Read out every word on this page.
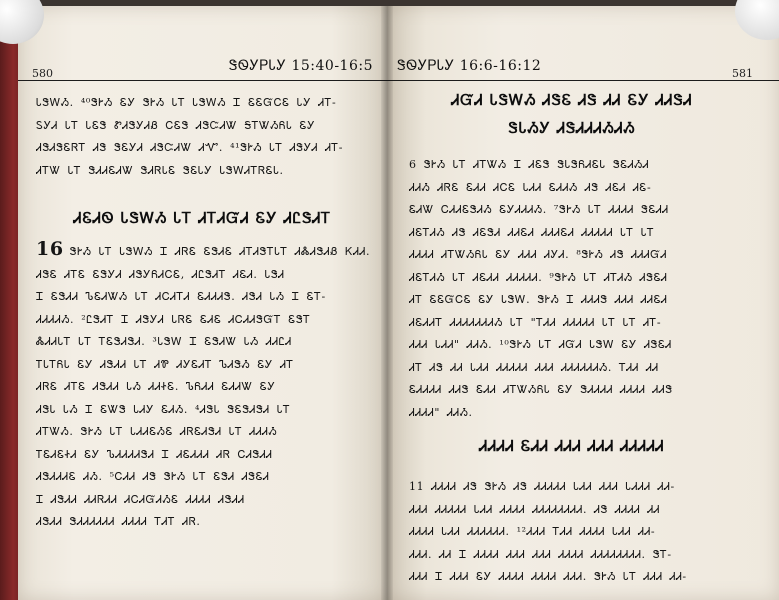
580	ᏕᏫᎩᏢᏓᎩ 15:40-16:5

ᏓᏕᎳᏱ. ⁴⁰ᏕᎨᏱ ᏋᎩ ᏕᎨᏱ ᏓᎢ ᏓᏕᎳᏱ Ꮖ ᏋᏋᏳᏟᏋ ᏓᎩ ᏗᎢ-

ᏚᎩᏗ ᏓᎢ ᏓᏋᏕ ᏑᏗᏕᎩᏗᏰ ᏟᏋᏕ ᏗᏕᏨᏗᏔ ᎦᎢᏔᏱᏲᏓ ᏋᎩ

ᏗᏕᏗᏕᏋᏒᎢ ᏗᏕ ᏕᏋᎩᏗ ᏗᏕᏨᏗᏔ ᏗᏉ. ⁴¹ᏕᎨᏱ ᏓᎢ ᏗᏕᎩᏗ ᏗᎢ-

ᏗᎢᏔ ᏓᎢ ᏕᏗᏗᏋᏗᏔ ᏕᏗᏒᏓᏋ ᏕᏋᏓᎩ ᏓᏕᎳᏗᎢᏒᏋᏓ.

ᏗᏋᏗᏫ ᏓᏕᎳᏱ ᏓᎢ ᏗᎢᏗᏳᏗ ᏋᎩ ᏗᏝᏕᏗᎢ

16 ᏕᎨᏱ ᏓᎢ ᏓᏕᎳᏱ Ꮖ ᏗᏒᏋ ᏋᏕᏗᏋ ᏗᎢᏗᏕᎢᏓᎢ ᏗᏜᏗᏕᏗᏰ ᏦᏗᏗ.

ᏗᏕᏋ ᏗᎢᏋ ᏋᏕᎩᏗ ᏗᏕᎩᏲᏗᏟᏋ, ᏗᏝᏕᏗᎢ ᏗᏋᏗ. ᏓᏕᏗ

Ꮖ ᏋᏕᏗᏗ ᏖᏋᏗᏔᏱ ᏓᎢ ᏗᏟᏗᎢᏗ ᏋᏗᏗᏗᏕ. ᏗᏕᏗ ᏓᏱ Ꮖ ᏋᎢ-

ᏗᏗᏗᏗᏱ. ²ᏝᏕᏗᎢ Ꮖ ᏗᏕᎩᏗ ᏓᏒᏋ ᏋᏗᏋ ᏗᏟᏗᏗᏕᏳᎢ ᏋᏕᎢ

ᏜᏗᏗᏓᎢ ᏓᎢ ᎢᏋᏕᏗᏕᏗ. ³ᏓᏕᎳ Ꮖ ᏋᏕᏗᏔ ᏓᏱ ᏗᏗᏝᏗ

ᎢᏓᎢᏲᏓ ᏋᎩ ᏗᏕᏗᏗ ᏓᎢ ᏗᏈ ᏗᎩᏋᏗᎢ ᏖᏗᏕᏱ ᏋᎩ ᏗᎢ

ᏗᏒᏋ ᏗᎢᏋ ᏗᏕᏗᏗ ᏓᏱ ᏗᏗᏐᏋ. ᏖᏲᏗᏗ ᏋᏗᏗᏔ ᏋᎩ

ᏗᏕᏓ ᏓᏱ Ꮖ ᏋᏔᏕ ᏓᏗᎩ ᏋᏗᏱ. ⁴ᏗᏕᏓ ᏕᏋᏕᏗᏕᏗ ᏓᎢ

ᏗᎢᏔᏱ. ᏕᎨᏱ ᏓᎢ ᏓᏗᏗᏋᏱᏋ ᏗᏒᏋᏗᏕᏗ ᏓᎢ ᏗᏗᏗᏱ

ᎢᏋᏗᏋᏐᏗ ᏋᎩ ᏖᏗᏗᏗᏗᏕᏗ Ꮖ ᏗᏋᏗᏗᏗ ᏗᏒ ᏟᏗᏕᏗᏗ

ᏗᏕᏗᏗᏗᏋ ᏗᏱ. ⁵ᏟᏗᏗ ᏗᏕ ᏕᎨᏱ ᏓᎢ ᏋᏕᏗ ᏗᏕᏋᏗ

Ꮖ ᏗᏕᏗᏗ ᏗᏗᏒᏗᏗ ᏗᏟᏗᏳᏗᏱᏋ ᏗᏗᏗᏗ ᏗᏕᏗᏗ

ᏗᏕᏗᏗ ᏕᏗᏗᏗᏗᏗᏗ ᏗᏗᏗᏗ ᎢᏗᎢ ᏗᏒ.

ᏕᏫᎩᏢᏓᎩ 16:6-16:12	581
ᏗᏳᏗ ᏓᏕᎳᏱ ᏗᏕᏋ ᏗᏕ ᏗᏗ ᏋᎩ ᏗᏗᏕᏗ
ᏕᏓᏱᎩ ᏗᏕᏗᏗᏗᏱᏗᏱ

6 ᏕᎨᏱ ᏓᎢ ᏗᎢᏔᏱ Ꮖ ᏗᏋᏕ ᏕᏓᏕᏲᏗᏋᏓ ᏕᏋᏗᏱᏗ

ᏗᏗᏱ ᏗᏒᏋ ᏋᏗᏗ ᏗᏟᏋ ᏓᏗᏗ ᏋᏗᏗᏱ ᏗᏕ ᏗᏋᏗ ᏗᏋ-

ᏋᏗᏔ ᏟᏗᏗᏋᏕᏗᏱ ᏋᎩᏗᏗᏗᏱ. ⁷ᏕᎨᏱ ᏓᎢ ᏗᏗᏗᏗ ᏕᏋᏗᏗ

ᏗᏋᎢᏗᏱ ᏗᏕ ᏗᏋᏕᏗ ᏗᏗᏋᏗ ᏗᏗᏗᏋᏗ ᏗᏗᏗᏗᏗ ᏓᎢ ᏓᎢ

ᏗᏗᏗᏗ ᏗᎢᏔᏱᏲᏓ ᏋᎩ ᏗᏗᏗ ᏗᎩᏗ. ⁸ᏕᎨᏱ ᏗᏕ ᏗᏗᏗᏳᏗ

ᏗᏋᎢᏗᏱ ᏓᎢ ᏗᏋᏗᏗ ᏗᏗᏗᏗᏗ. ⁹ᏕᎨᏱ ᏓᎢ ᏗᎢᏗᏱ ᏗᏕᏋᏗ

ᏗᎢ ᏋᏋᏳᏟᏋ ᏋᎩ ᏓᏕᎳ. ᏕᎨᏱ Ꮖ ᏗᏗᏗᏕ ᏗᏗᏗ ᏗᏗᏋᏗ

ᏗᏋᏗᏗᎢ ᏗᏗᏗᏗᏗᏗᏗᏱ ᏓᎢ "ᎢᏗᏗ ᏗᏗᏗᏗᏗ ᏓᎢ ᏓᎢ ᏗᎢ-

ᏗᏗᏗ ᏓᏗᏗ" ᏗᏗᏱ. ¹⁰ᏕᎨᏱ ᏓᎢ ᏗᏳᏗ ᏓᏕᎳ ᏋᎩ ᏗᏕᏋᏗ

ᏗᎢ ᏗᏕ ᏗᏗ ᏓᏗᏗ ᏗᏗᏗᏗᏗ ᏗᏗᏗ ᏗᏗᏗᏗᏗᏗᏱ. ᎢᏗᏗ ᏗᏗ

ᏋᏗᏗᏗᏗ ᏗᏗᏕ ᏋᏗᏗ ᏗᎢᏔᏱᏲᏓ ᏋᎩ ᏕᏗᏗᏗᏗ ᏗᏗᏗᏗ ᏗᏗᏕ

ᏗᏗᏗᏗ" ᏗᏗᏱ.

ᏗᏗᏗᏗ ᏋᏗᏗ ᏗᏗᏗ ᏗᏗᏗ ᏗᏗᏗᏗᏗ

11 ᏗᏗᏗᏗ ᏗᏕ ᏕᎨᏱ ᏗᏕ ᏗᏗᏗᏗᏗ ᏓᏗᏗ ᏗᏗᏗ ᏓᏗᏗᏗ ᏗᏗ-

ᏗᏗᏗ ᏗᏗᏗᏗᏗ ᏓᏗᏗ ᏗᏗᏗᏗ ᏗᏗᏗᏗᏗᏗᏗᏗ. ᏗᏕ ᏗᏗᏗᏗ ᏗᏗ

ᏗᏗᏗᏗ ᏓᏗᏗ ᏗᏗᏗᏗᏗᏗ. ¹²ᏗᏗᏗ ᎢᏗᏗ ᏗᏗᏗᏗ ᏓᏗᏗ ᏗᏗ-

ᏗᏗᏗ. ᏗᏗ Ꮖ ᏗᏗᏗᏗ ᏗᏗᏗ ᏗᏗᏗ ᏗᏗᏗᏗ ᏗᏗᏗᏗᏗᏗᏗᏗ. ᏕᎢ-

ᏗᏗᏗ Ꮖ ᏗᏗᏗ ᏋᎩ ᏗᏗᏗᏗ ᏗᏗᏗᏗ ᏗᏗᏗ. ᏕᎨᏱ ᏓᎢ ᏗᏗᏗ ᏗᏗ-
